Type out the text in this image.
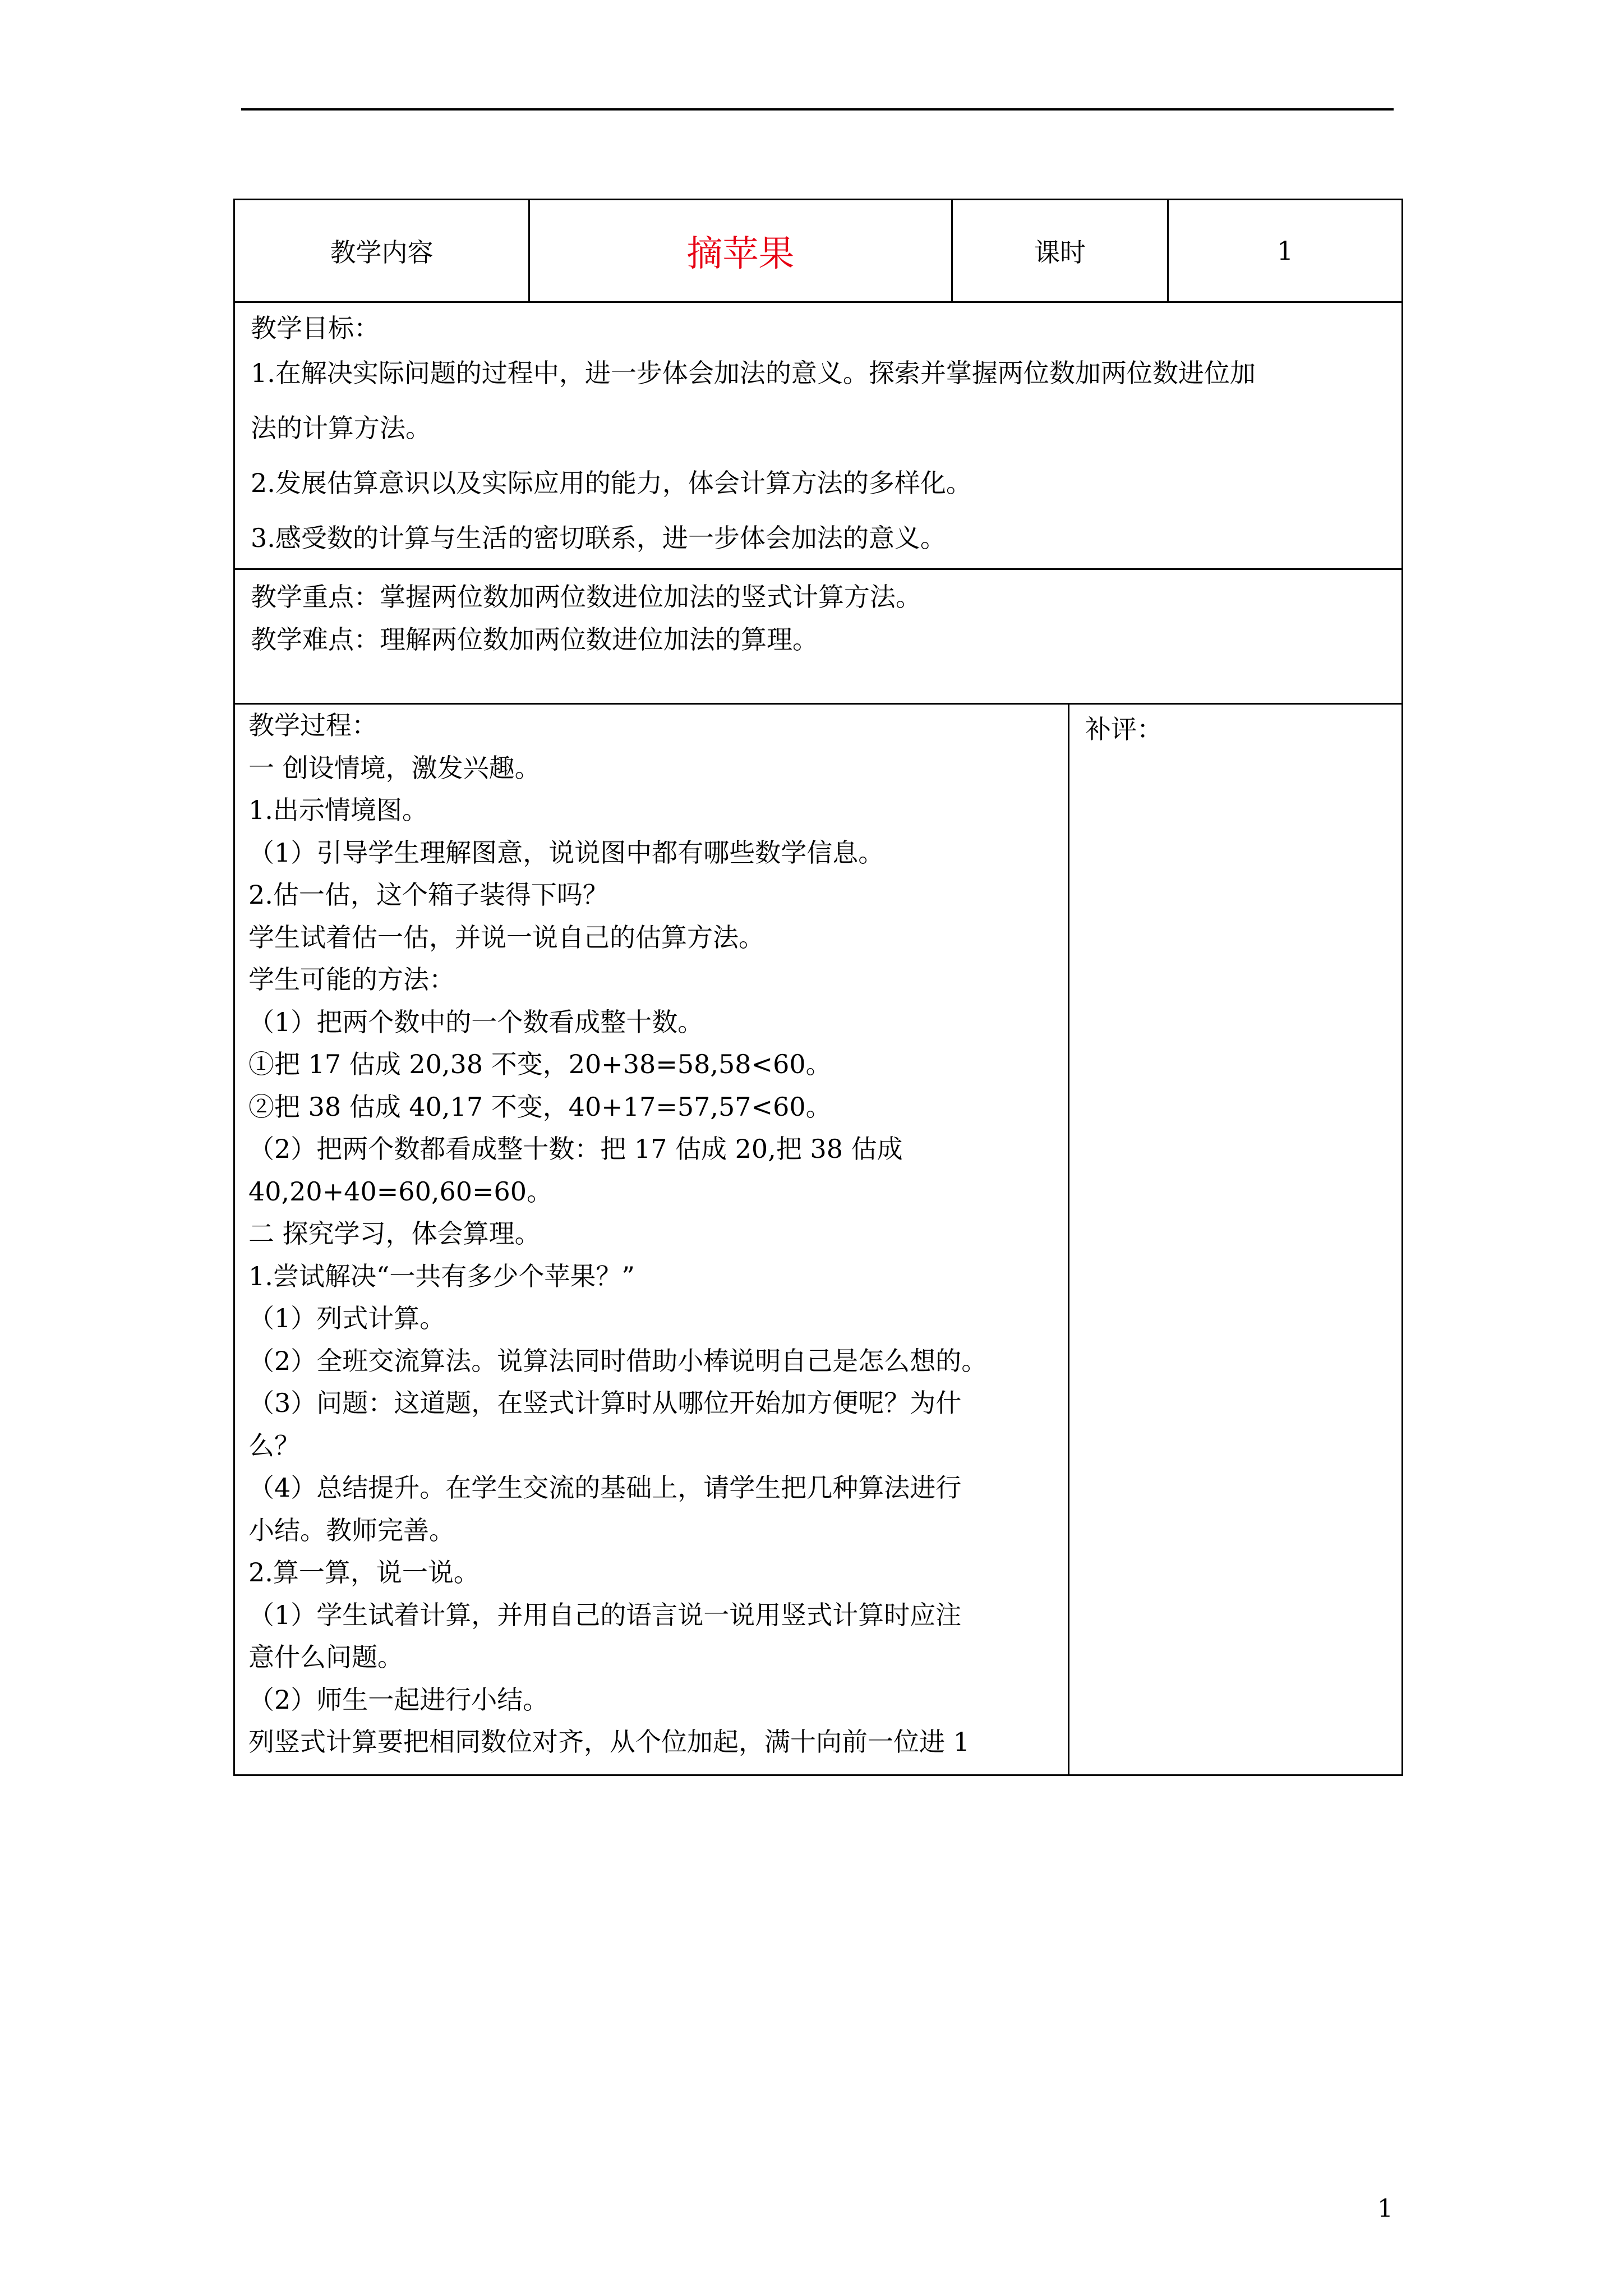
教学内容	摘苹果	课时	1
教学目标：
1.在解决实际问题的过程中，进一步体会加法的意义。探索并掌握两位数加两位数进位加
法的计算方法。
2.发展估算意识以及实际应用的能力，体会计算方法的多样化。
3.感受数的计算与生活的密切联系，进一步体会加法的意义。
教学重点：掌握两位数加两位数进位加法的竖式计算方法。
教学难点：理解两位数加两位数进位加法的算理。
教学过程：
一 创设情境，激发兴趣。
1.出示情境图。
（1）引导学生理解图意，说说图中都有哪些数学信息。
2.估一估，这个箱子装得下吗？
学生试着估一估，并说一说自己的估算方法。
学生可能的方法：
（1）把两个数中的一个数看成整十数。
①把 17 估成 20,38 不变，20+38=58,58<60。
②把 38 估成 40,17 不变，40+17=57,57<60。
（2）把两个数都看成整十数：把 17 估成 20,把 38 估成
40,20+40=60,60=60。
二 探究学习，体会算理。
1.尝试解决“一共有多少个苹果？”
（1）列式计算。
（2）全班交流算法。说算法同时借助小棒说明自己是怎么想的。
（3）问题：这道题，在竖式计算时从哪位开始加方便呢？为什
么？
（4）总结提升。在学生交流的基础上，请学生把几种算法进行
小结。教师完善。
2.算一算，说一说。
（1）学生试着计算，并用自己的语言说一说用竖式计算时应注
意什么问题。
（2）师生一起进行小结。
列竖式计算要把相同数位对齐，从个位加起，满十向前一位进 1
补评：
1
